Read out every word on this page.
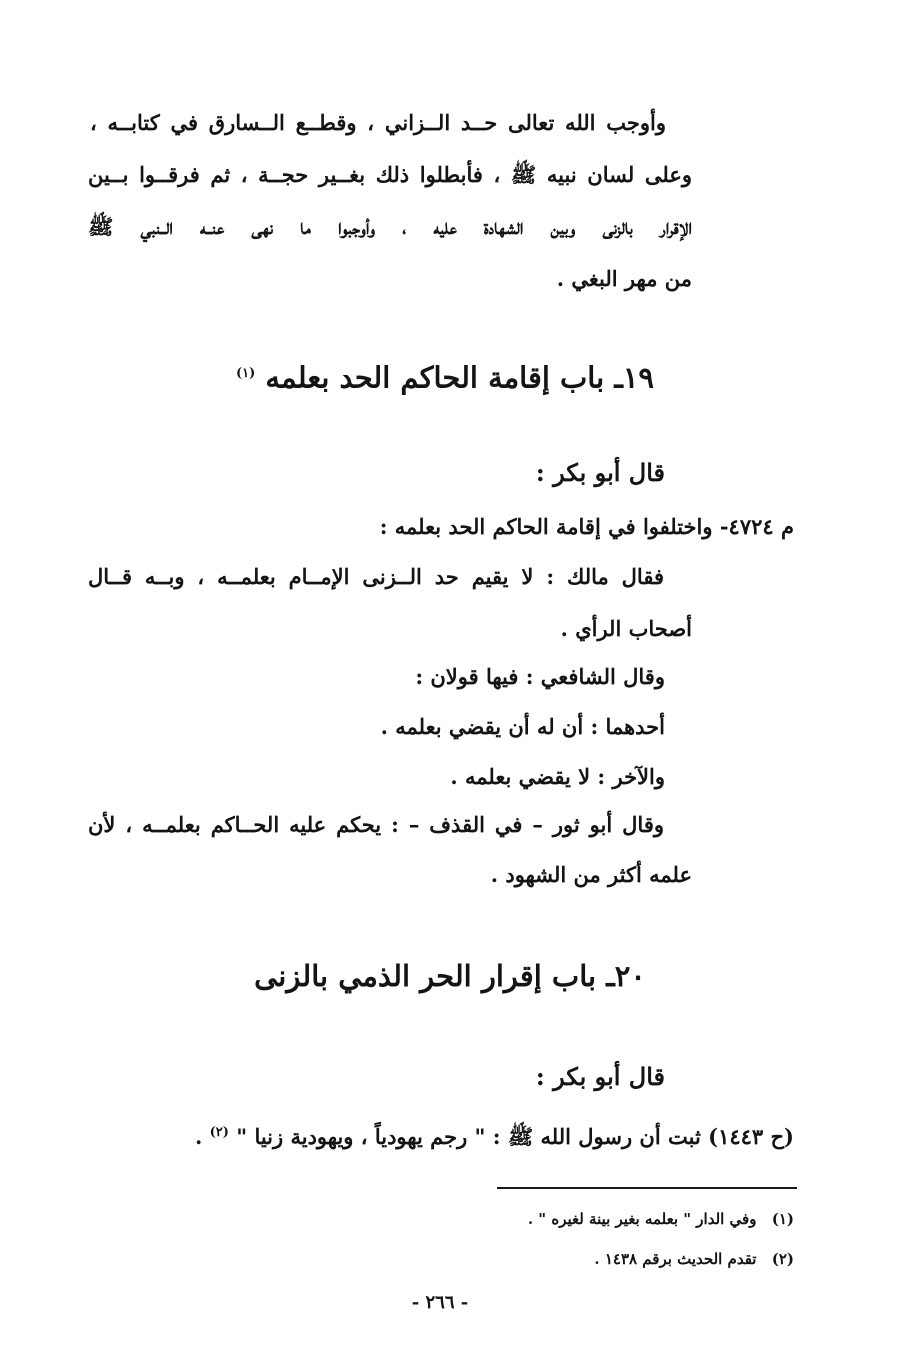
وأوجب الله تعالى حــد الــزاني ، وقطــع الــسارق في كتابــه ،
وعلى لسان نبيه ﷺ ، فأبطلوا ذلك بغــير حجــة ، ثم فرقــوا بــين
الإقرار بالزنى وبين الشهادة عليه ، وأوجبوا ما نهى عنــه الــنبي ﷺ
من مهر البغي .
١٩ـ باب إقامة الحاكم الحد بعلمه $^{(١)}$
قال أبو بكر :
م ٤٧٢٤- واختلفوا في إقامة الحاكم الحد بعلمه :
فقال مالك : لا يقيم حد الــزنى الإمــام بعلمــه ، وبــه قــال
أصحاب الرأي .
وقال الشافعي : فيها قولان :
أحدهما : أن له أن يقضي بعلمه .
والآخر : لا يقضي بعلمه .
وقال أبو ثور – في القذف – : يحكم عليه الحــاكم بعلمــه ، لأن
علمه أكثر من الشهود .
٢٠ـ باب إقرار الحر الذمي بالزنى
قال أبو بكر :
(ح ١٤٤٣) ثبت أن رسول الله ﷺ : " رجم يهودياً ، ويهودية زنيا " $^{(٢)}$ .
(١) وفي الدار " بعلمه بغير بينة لغيره " .
(٢) تقدم الحديث برقم ١٤٣٨ .
- ٢٦٦ -
